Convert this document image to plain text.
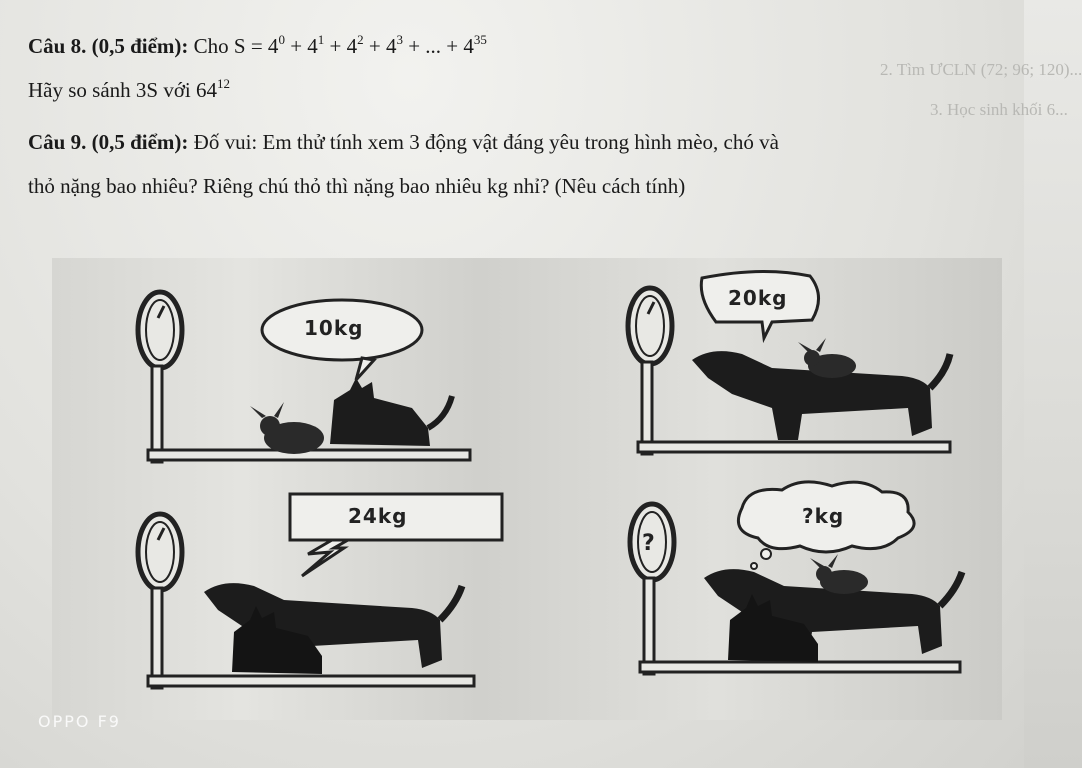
2. Tìm ƯCLN (72; 96; 120)...
3. Học sinh khối 6...
Câu 8. (0,5 điểm): Cho $S = 4^0 + 4^1 + 4^2 + 4^3$ + ... + $4^{35}$
Hãy so sánh 3S với $64^{12}$
Câu 9. (0,5 điểm): Đố vui: Em thử tính xem 3 động vật đáng yêu trong hình mèo, chó và
thỏ nặng bao nhiêu? Riêng chú thỏ thì nặng bao nhiêu kg nhỉ? (Nêu cách tính)
10kg
20kg
24kg
?
?kg
OPPO F9
